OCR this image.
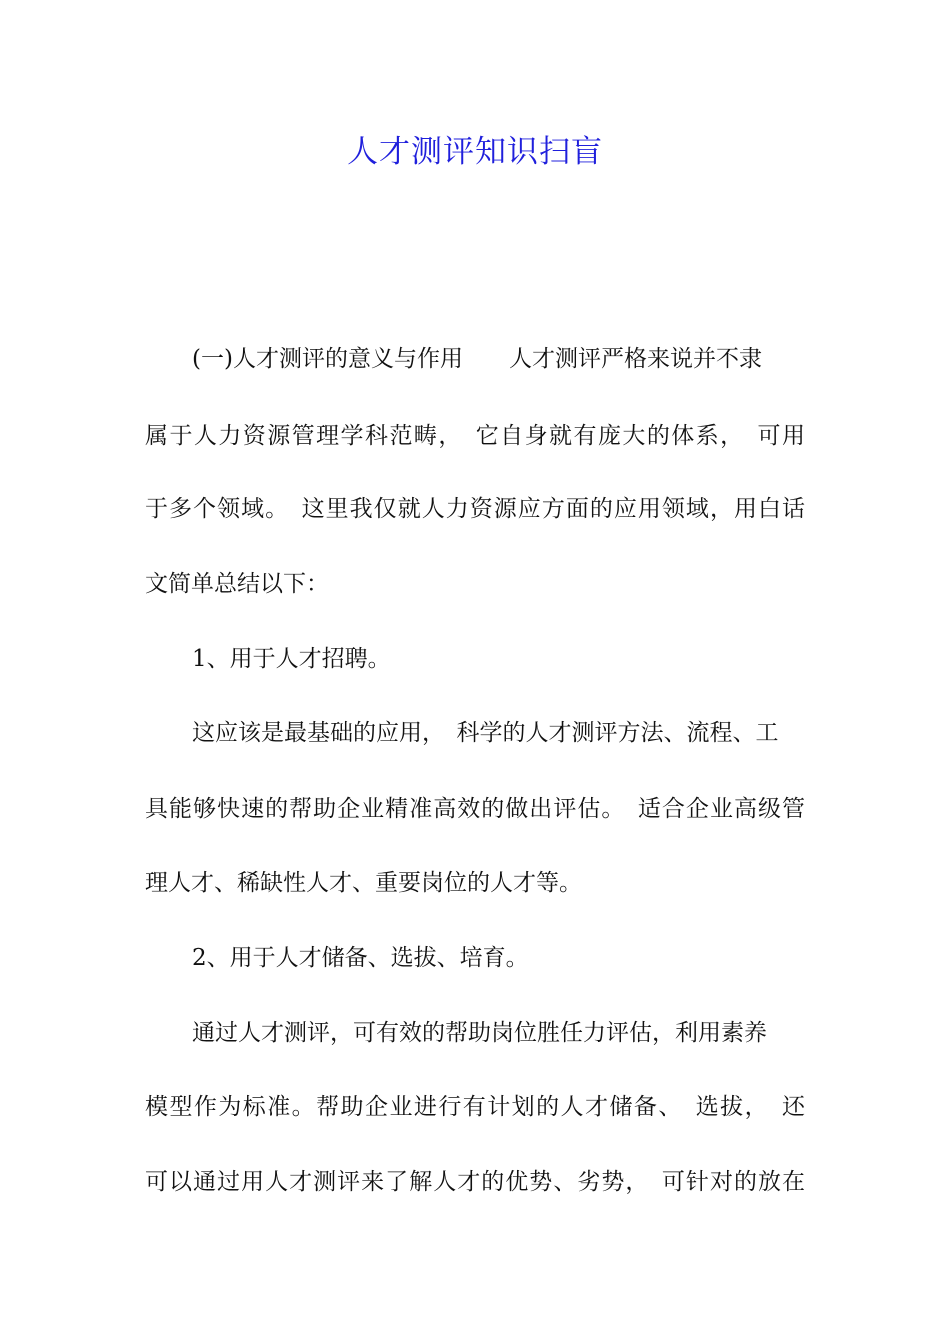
人才测评知识扫盲
(一)人才测评的意义与作用　　人才测评严格来说并不隶
属于人力资源管理学科范畴，　它自身就有庞大的体系，　可用
于多个领域。　这里我仅就人力资源应方面的应用领域，用白话
文简单总结以下：
1、用于人才招聘。
这应该是最基础的应用，　科学的人才测评方法、流程、工
具能够快速的帮助企业精准高效的做出评估。　适合企业高级管
理人才、稀缺性人才、重要岗位的人才等。
2、用于人才储备、选拔、培育。
通过人才测评，可有效的帮助岗位胜任力评估，利用素养
模型作为标准。帮助企业进行有计划的人才储备、　选拔，　还
可以通过用人才测评来了解人才的优势、劣势，　可针对的放在
